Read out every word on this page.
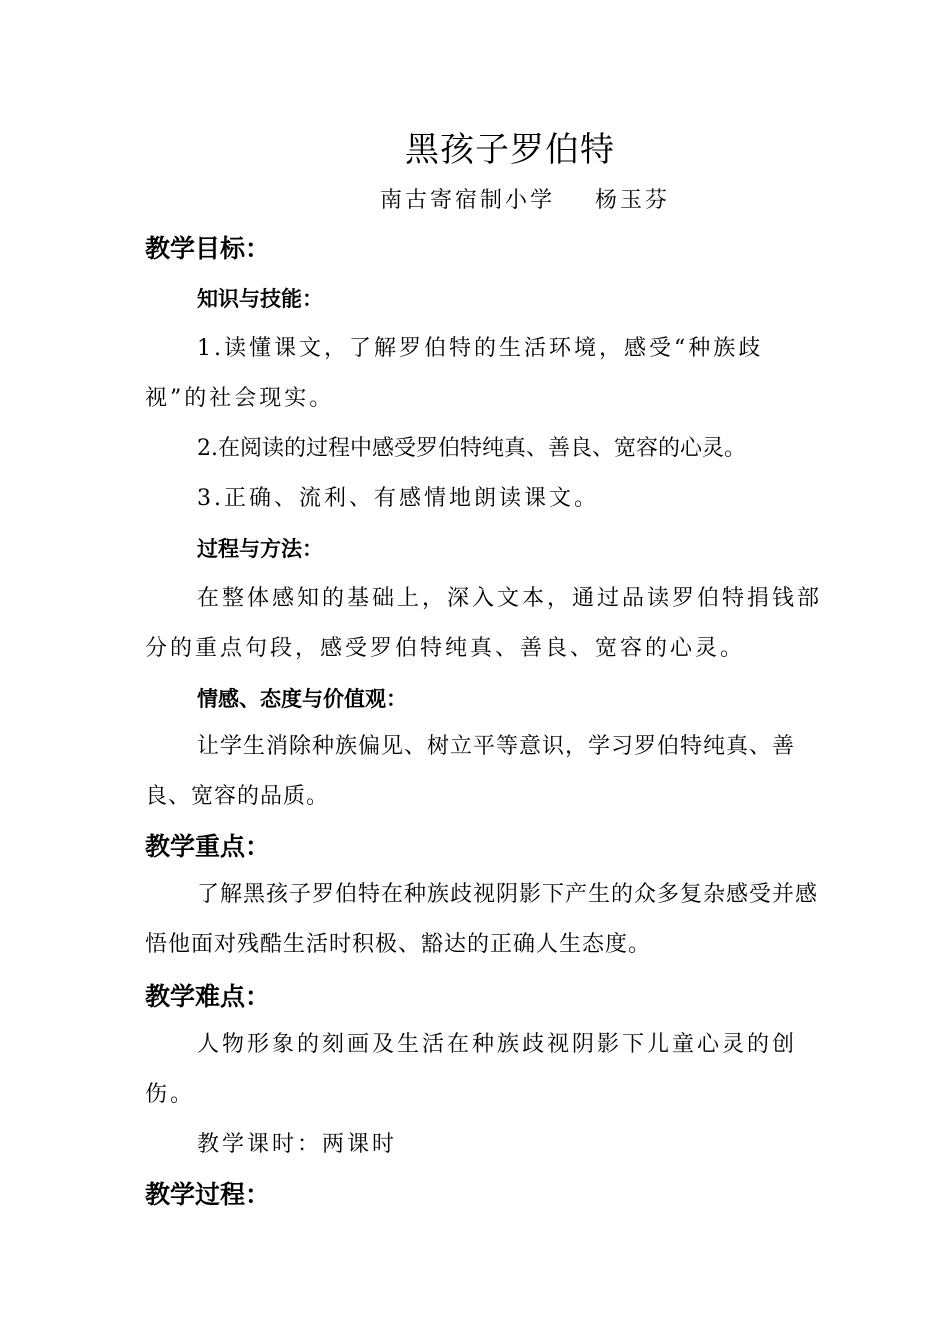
黑孩子罗伯特
南古寄宿制小学 杨玉芬
教学目标：
知识与技能：
1.读懂课文，了解罗伯特的生活环境，感受“种族歧视”的社会现实。
2.在阅读的过程中感受罗伯特纯真、善良、宽容的心灵。
3.正确、流利、有感情地朗读课文。
过程与方法：
在整体感知的基础上，深入文本，通过品读罗伯特捐钱部分的重点句段，感受罗伯特纯真、善良、宽容的心灵。
情感、态度与价值观：
让学生消除种族偏见、树立平等意识，学习罗伯特纯真、善良、宽容的品质。
教学重点：
了解黑孩子罗伯特在种族歧视阴影下产生的众多复杂感受并感悟他面对残酷生活时积极、豁达的正确人生态度。
教学难点：
人物形象的刻画及生活在种族歧视阴影下儿童心灵的创伤。
教学课时：两课时
教学过程：
